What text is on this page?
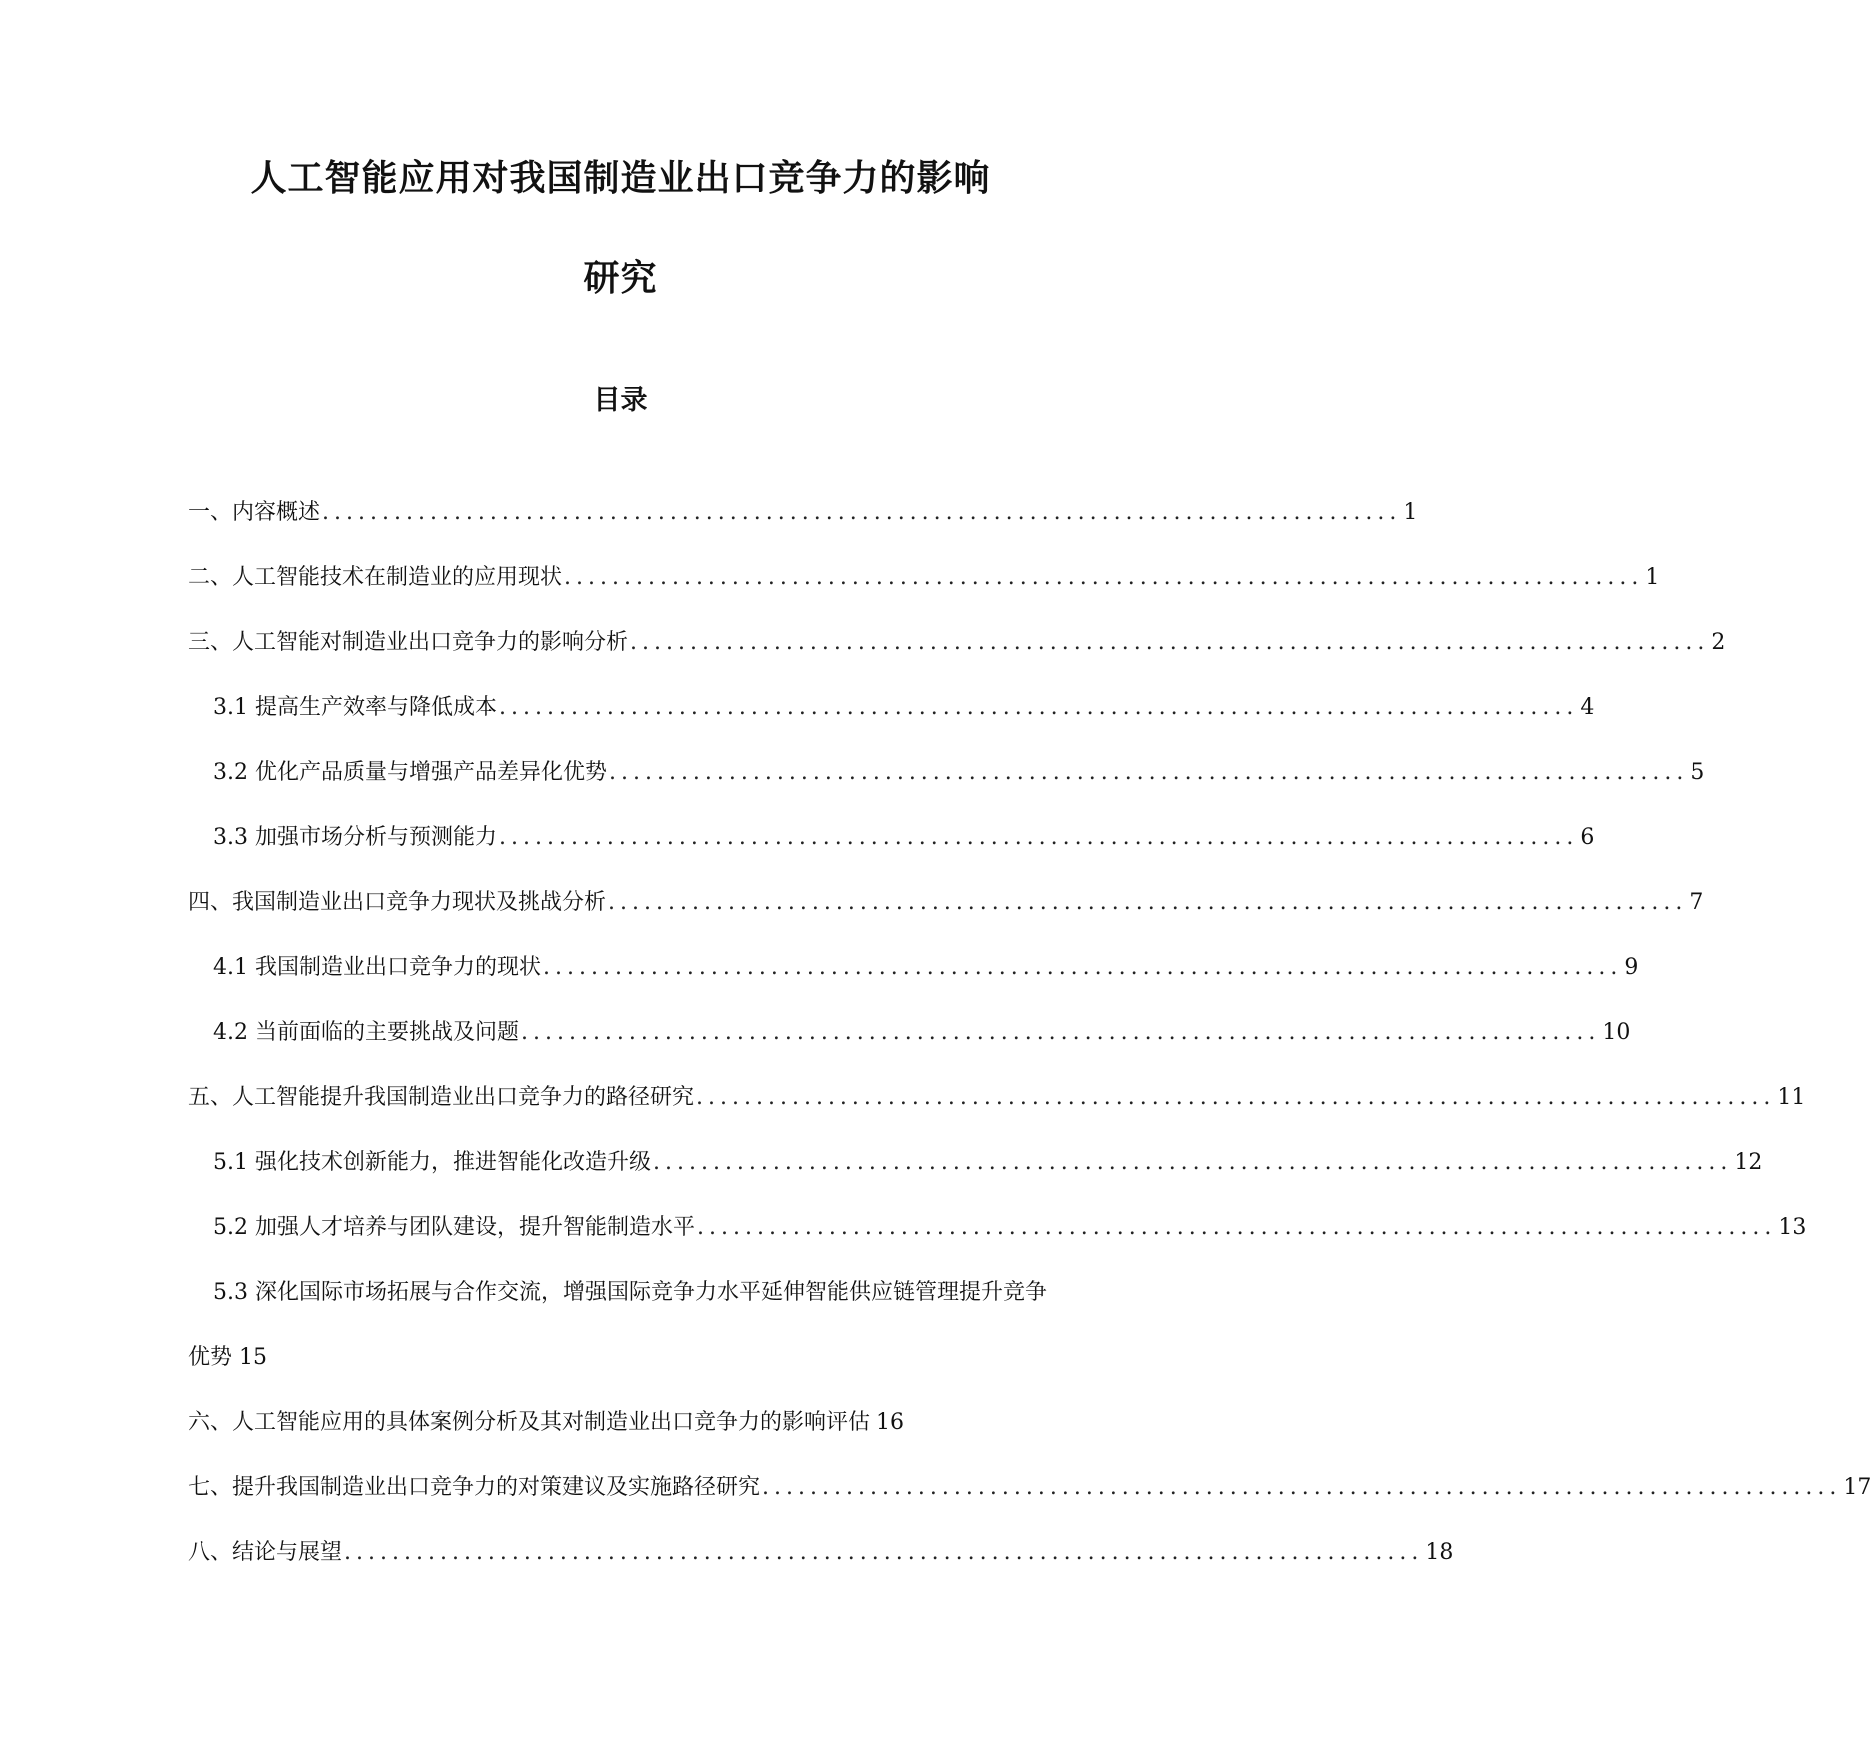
人工智能应用对我国制造业出口竞争力的影响
研究
目录
一、内容概述 .......................................................................................... 1
二、人工智能技术在制造业的应用现状 .......................................................................................... 1
三、人工智能对制造业出口竞争力的影响分析 .......................................................................................... 2
3.1 提高生产效率与降低成本 .......................................................................................... 4
3.2 优化产品质量与增强产品差异化优势 .......................................................................................... 5
3.3 加强市场分析与预测能力 .......................................................................................... 6
四、我国制造业出口竞争力现状及挑战分析 .......................................................................................... 7
4.1 我国制造业出口竞争力的现状 .......................................................................................... 9
4.2 当前面临的主要挑战及问题 .......................................................................................... 10
五、人工智能提升我国制造业出口竞争力的路径研究 .......................................................................................... 11
5.1 强化技术创新能力，推进智能化改造升级 .......................................................................................... 12
5.2 加强人才培养与团队建设，提升智能制造水平 .......................................................................................... 13
5.3 深化国际市场拓展与合作交流，增强国际竞争力水平延伸智能供应链管理提升竞争优势 15
六、人工智能应用的具体案例分析及其对制造业出口竞争力的影响评估 16
七、提升我国制造业出口竞争力的对策建议及实施路径研究 .......................................................................................... 17
八、结论与展望 .......................................................................................... 18
